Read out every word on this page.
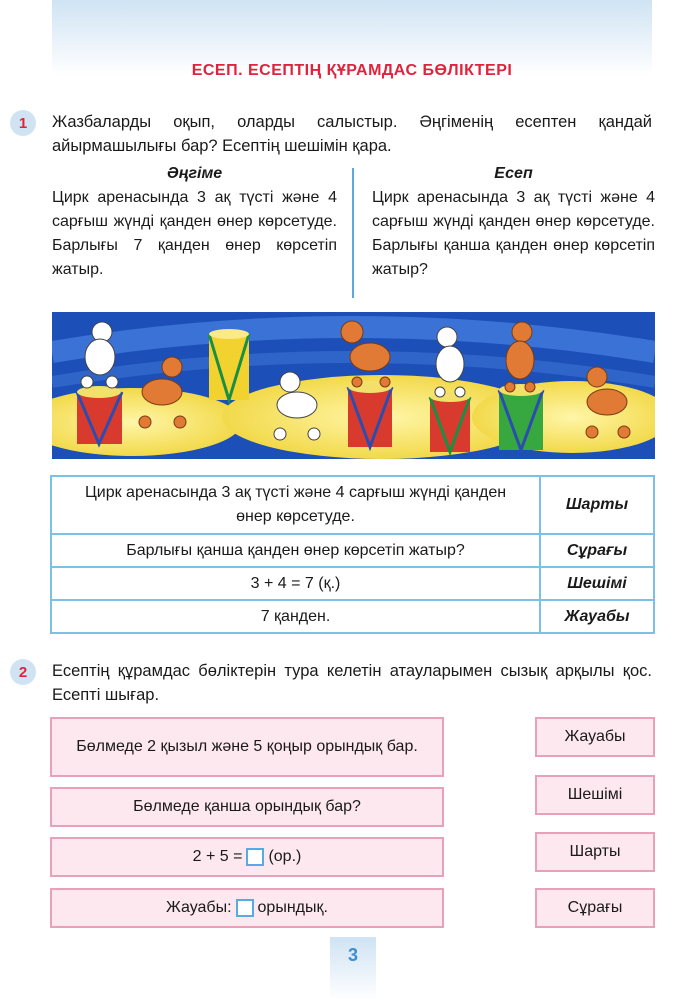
ЕСЕП. ЕСЕПТІҢ ҚҰРАМДАС БӨЛІКТЕРІ
1	Жазбаларды оқып, оларды салыстыр. Әңгіменің есептен қандай айырмашылығы бар? Есептің шешімін қара.
Әңгіме
Цирк аренасында 3 ақ түсті және 4 сарғыш жүнді қанден өнер көрсетуде. Барлығы 7 қанден өнер көрсетіп жатыр.
Есеп
Цирк аренасында 3 ақ түсті және 4 сарғыш жүнді қанден өнер көрсетуде. Барлығы қанша қанден өнер көрсетіп жатыр?
Цирк аренасында 3 ақ түсті және 4 сарғыш жүнді қанден өнер көрсетуде.	Шарты
Барлығы қанша қанден өнер көрсетіп жатыр?	Сұрағы
3 + 4 = 7 (қ.)	Шешімі
7 қанден.	Жауабы
2	Есептің құрамдас бөліктерін тура келетін атауларымен сызық арқылы қос. Есепті шығар.
Бөлмеде 2 қызыл және 5 қоңыр орындық бар.
Бөлмеде қанша орындық бар?
2 + 5 = (ор.)
Жауабы: орындық.
Жауабы
Шешімі
Шарты
Сұрағы
3
